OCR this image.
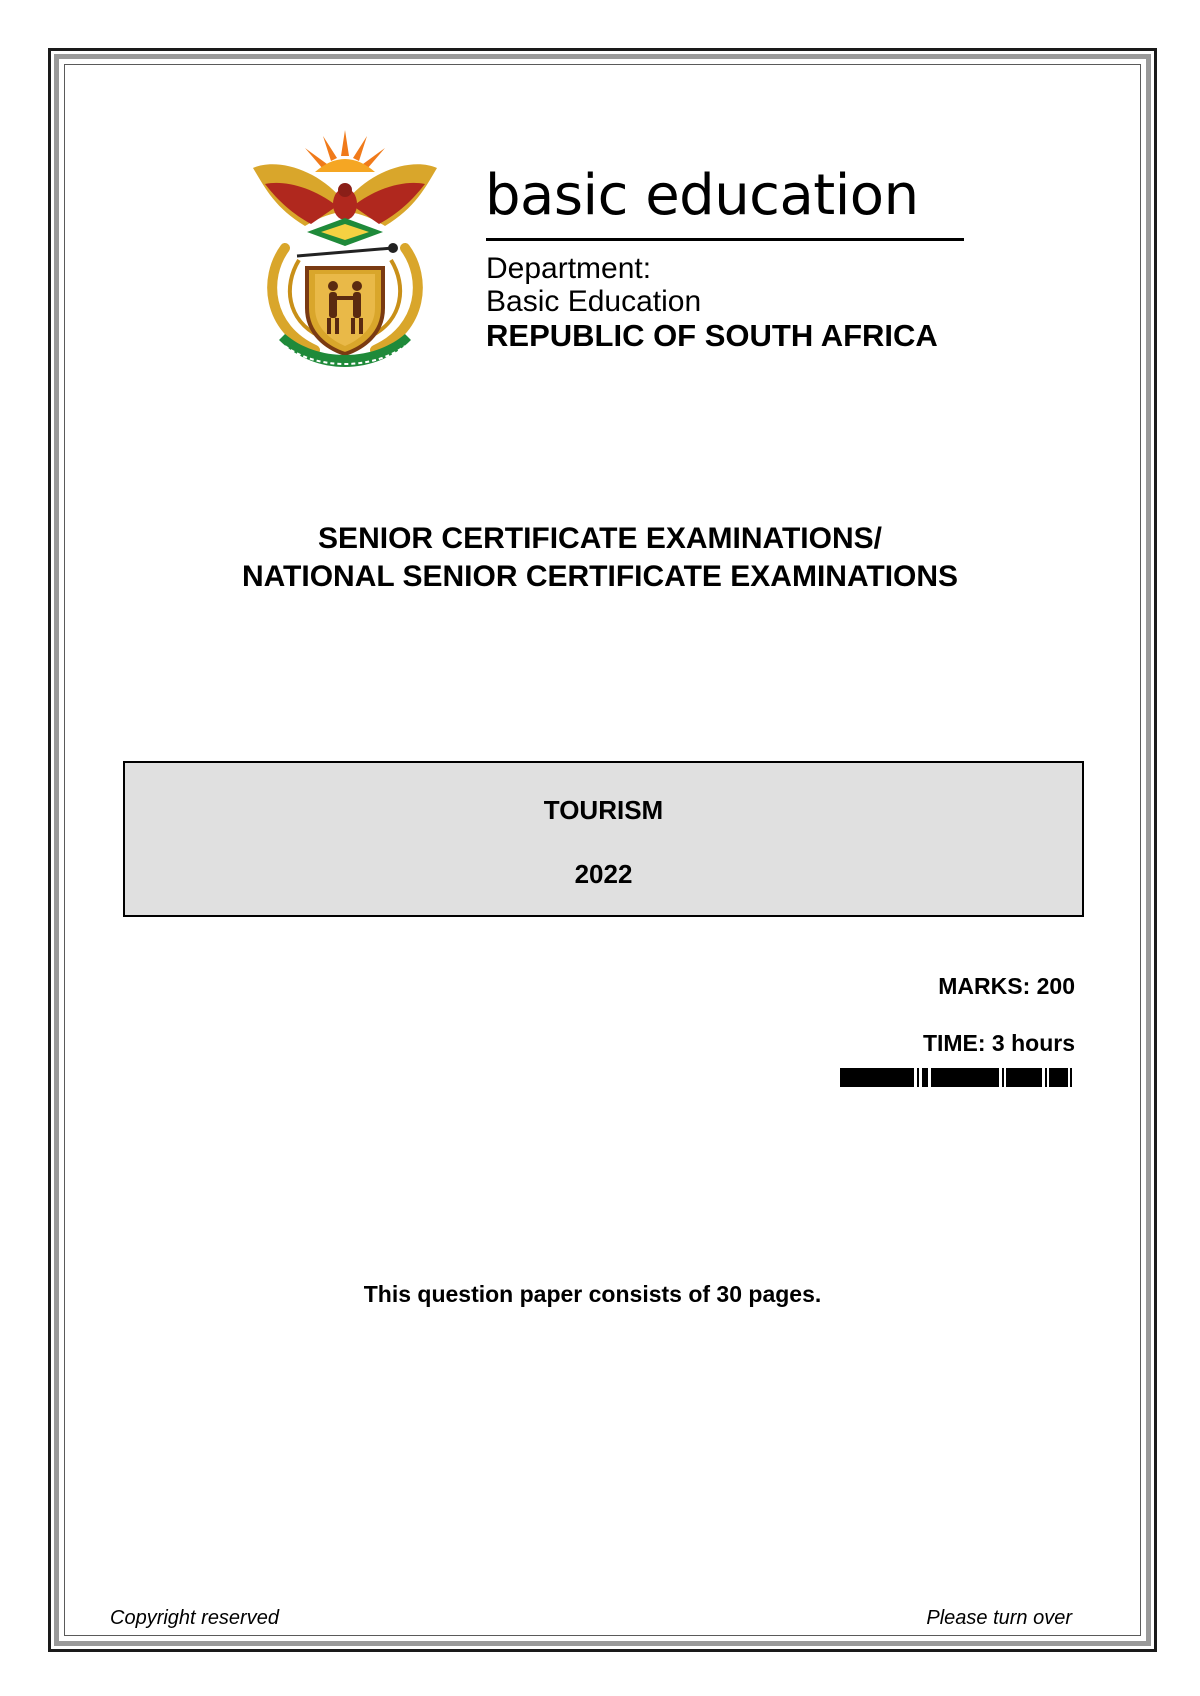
basic education
Department:
Basic Education
REPUBLIC OF SOUTH AFRICA
SENIOR CERTIFICATE EXAMINATIONS/
NATIONAL SENIOR CERTIFICATE EXAMINATIONS
TOURISM
2022
MARKS: 200
TIME: 3 hours
This question paper consists of 30 pages.
Copyright reserved	Please turn over
